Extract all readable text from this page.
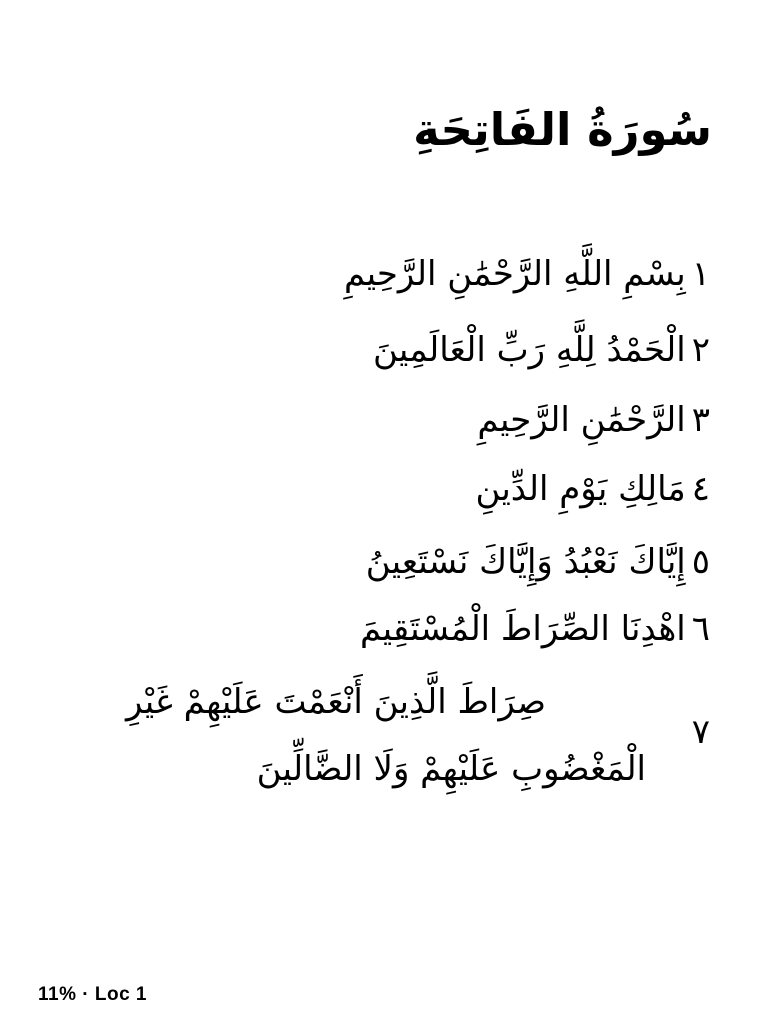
سُورَةُ الفَاتِحَةِ
١بِسْمِ اللَّهِ الرَّحْمَٰنِ الرَّحِيمِ
٢الْحَمْدُ لِلَّهِ رَبِّ الْعَالَمِينَ
٣الرَّحْمَٰنِ الرَّحِيمِ
٤مَالِكِ يَوْمِ الدِّينِ
٥إِيَّاكَ نَعْبُدُ وَإِيَّاكَ نَسْتَعِينُ
٦اهْدِنَا الصِّرَاطَ الْمُسْتَقِيمَ
صِرَاطَ الَّذِينَ أَنْعَمْتَ عَلَيْهِمْ غَيْرِ
٧
الْمَغْضُوبِ عَلَيْهِمْ وَلَا الضَّالِّينَ
11% · Loc 1
